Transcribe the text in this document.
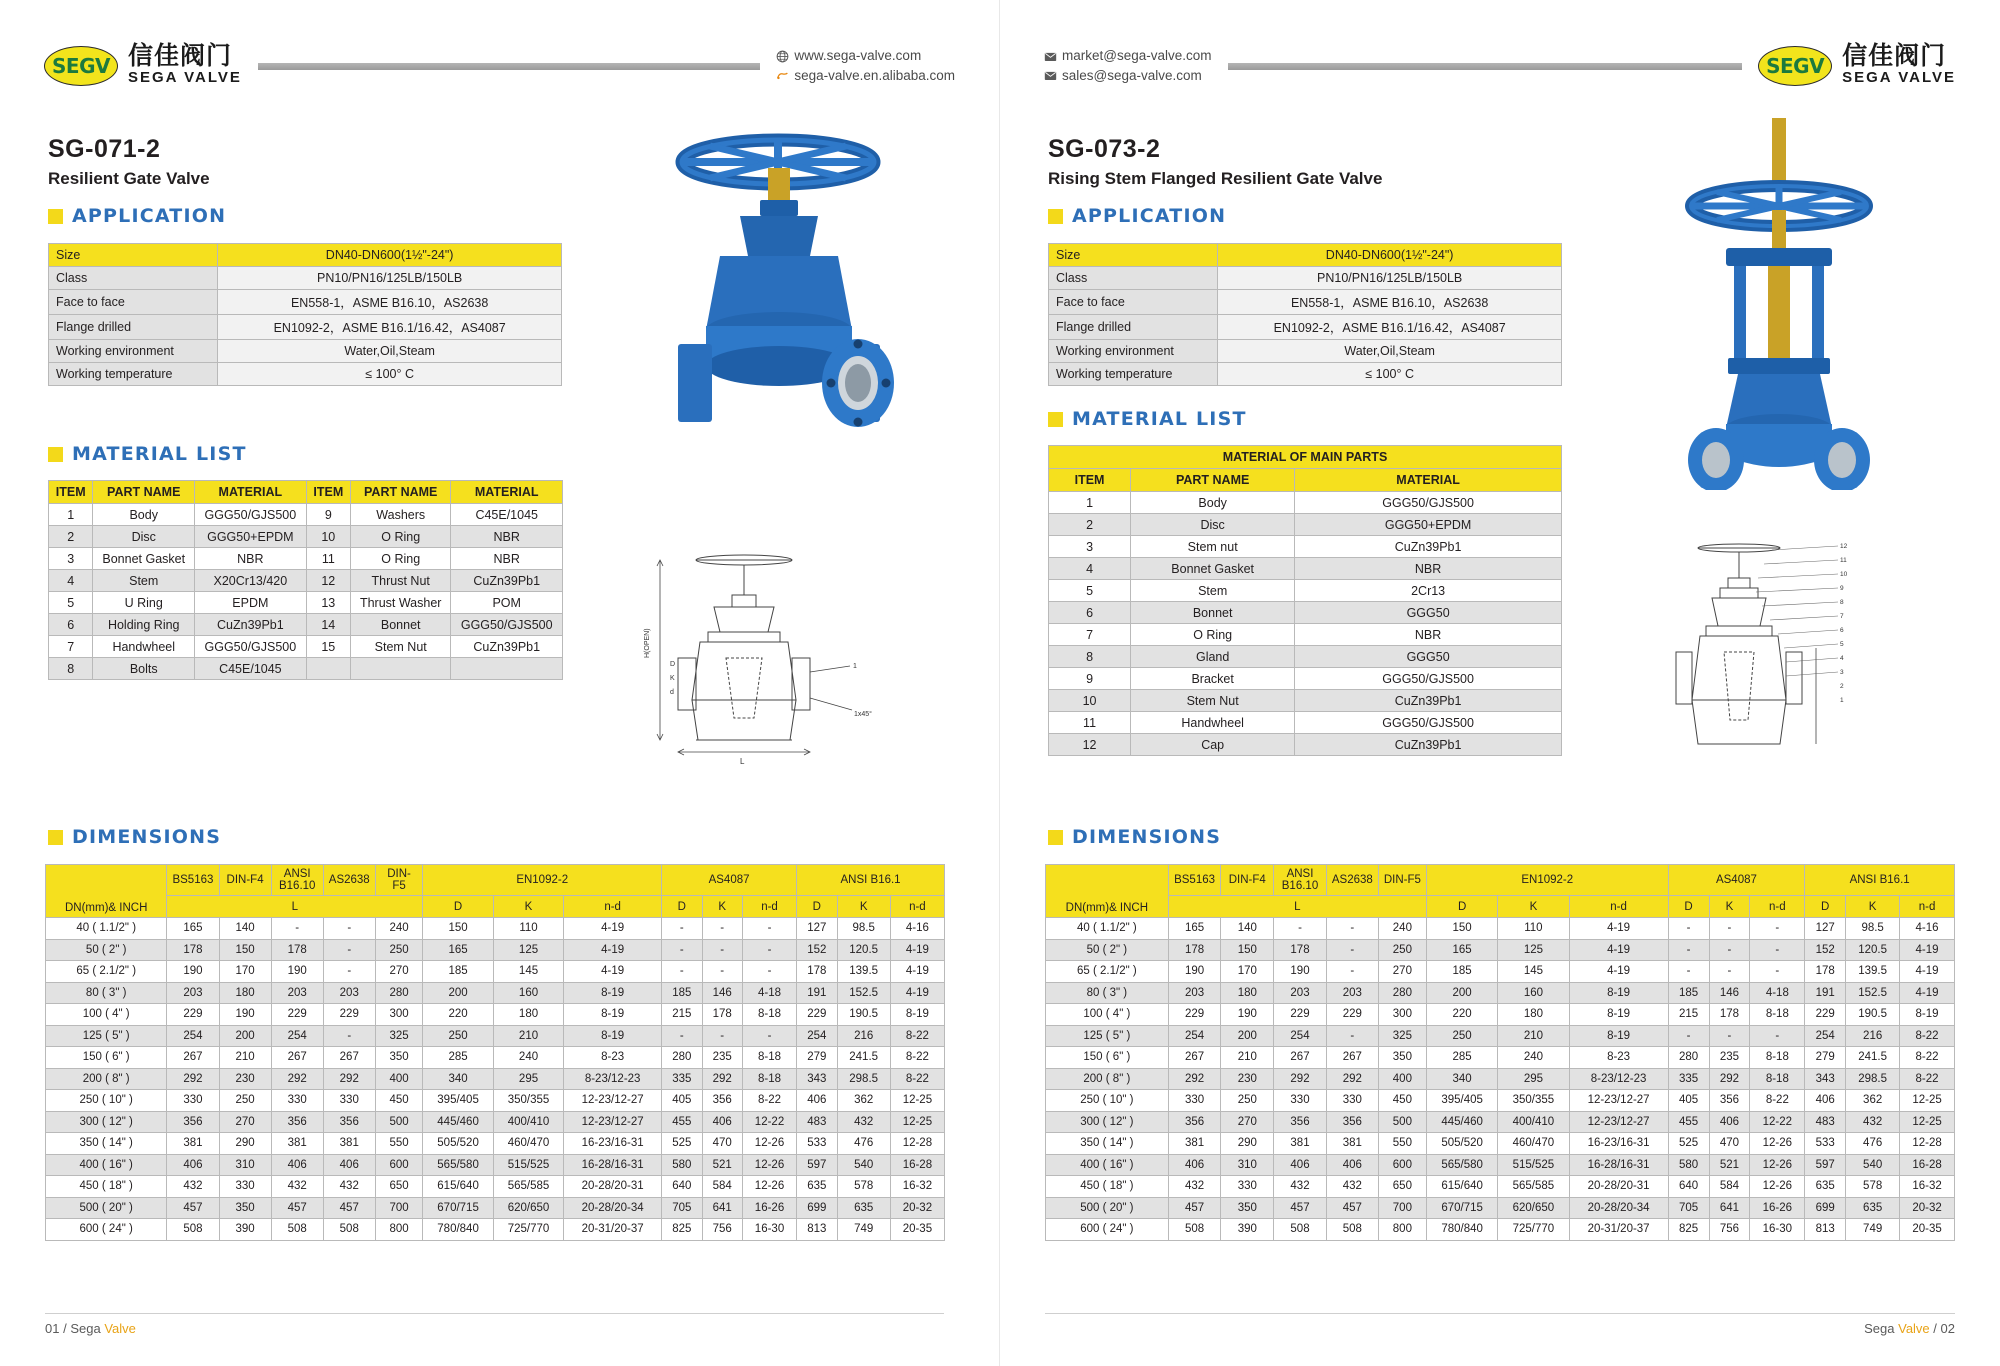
SEGV 信佳阀门
SEGA VALVE
www.sega-valve.com
sega-valve.en.alibaba.com
SG-071-2
Resilient Gate Valve
APPLICATION
Size	DN40-DN600(1½"-24")
Class	PN10/PN16/125LB/150LB
Face to face	EN558-1，ASME B16.10，AS2638
Flange drilled	EN1092-2，ASME B16.1/16.42，AS4087
Working environment	Water,Oil,Steam
Working temperature	≤ 100° C
MATERIAL LIST
ITEM	PART NAME	MATERIAL	ITEM	PART NAME	MATERIAL
1	Body	GGG50/GJS500	9	Washers	C45E/1045
2	Disc	GGG50+EPDM	10	O Ring	NBR
3	Bonnet Gasket	NBR	11	O Ring	NBR
4	Stem	X20Cr13/420	12	Thrust Nut	CuZn39Pb1
5	U Ring	EPDM	13	Thrust Washer	POM
6	Holding Ring	CuZn39Pb1	14	Bonnet	GGG50/GJS500
7	Handwheel	GGG50/GJS500	15	Stem Nut	CuZn39Pb1
8	Bolts	C45E/1045			
H(OPEN)
D
K
d
L
1
1x45°
DIMENSIONS
DN(mm)& INCH	BS5163	DIN-F4	ANSI B16.10	AS2638	DIN-F5	EN1092-2			AS4087			ANSI B16.1		
	L					D	K	n-d	D	K	n-d	D	K	n-d
40 ( 1.1/2" )	165	140	-	-	240	150	110	4-19	-	-	-	127	98.5	4-16
50 ( 2" )	178	150	178	-	250	165	125	4-19	-	-	-	152	120.5	4-19
65 ( 2.1/2" )	190	170	190	-	270	185	145	4-19	-	-	-	178	139.5	4-19
80 ( 3" )	203	180	203	203	280	200	160	8-19	185	146	4-18	191	152.5	4-19
100 ( 4" )	229	190	229	229	300	220	180	8-19	215	178	8-18	229	190.5	8-19
125 ( 5" )	254	200	254	-	325	250	210	8-19	-	-	-	254	216	8-22
150 ( 6" )	267	210	267	267	350	285	240	8-23	280	235	8-18	279	241.5	8-22
200 ( 8" )	292	230	292	292	400	340	295	8-23/12-23	335	292	8-18	343	298.5	8-22
250 ( 10" )	330	250	330	330	450	395/405	350/355	12-23/12-27	405	356	8-22	406	362	12-25
300 ( 12" )	356	270	356	356	500	445/460	400/410	12-23/12-27	455	406	12-22	483	432	12-25
350 ( 14" )	381	290	381	381	550	505/520	460/470	16-23/16-31	525	470	12-26	533	476	12-28
400 ( 16" )	406	310	406	406	600	565/580	515/525	16-28/16-31	580	521	12-26	597	540	16-28
450 ( 18" )	432	330	432	432	650	615/640	565/585	20-28/20-31	640	584	12-26	635	578	16-32
500 ( 20" )	457	350	457	457	700	670/715	620/650	20-28/20-34	705	641	16-26	699	635	20-32
600 ( 24" )	508	390	508	508	800	780/840	725/770	20-31/20-37	825	756	16-30	813	749	20-35
01 / Sega Valve
market@sega-valve.com
sales@sega-valve.com	SEGV 信佳阀门
SEGA VALVE
SG-073-2
Rising Stem Flanged Resilient Gate Valve
APPLICATION
Size	DN40-DN600(1½"-24")
Class	PN10/PN16/125LB/150LB
Face to face	EN558-1，ASME B16.10，AS2638
Flange drilled	EN1092-2，ASME B16.1/16.42，AS4087
Working environment	Water,Oil,Steam
Working temperature	≤ 100° C
MATERIAL LIST
MATERIAL OF MAIN PARTS		
ITEM	PART NAME	MATERIAL
1	Body	GGG50/GJS500
2	Disc	GGG50+EPDM
3	Stem nut	CuZn39Pb1
4	Bonnet Gasket	NBR
5	Stem	2Cr13
6	Bonnet	GGG50
7	O Ring	NBR
8	Gland	GGG50
9	Bracket	GGG50/GJS500
10	Stem Nut	CuZn39Pb1
11	Handwheel	GGG50/GJS500
12	Cap	CuZn39Pb1
12
11
10
9
8
7
6
5
4
3
2
1
DIMENSIONS
DN(mm)& INCH	BS5163	DIN-F4	ANSI B16.10	AS2638	DIN-F5	EN1092-2			AS4087			ANSI B16.1		
	L					D	K	n-d	D	K	n-d	D	K	n-d
40 ( 1.1/2" )	165	140	-	-	240	150	110	4-19	-	-	-	127	98.5	4-16
50 ( 2" )	178	150	178	-	250	165	125	4-19	-	-	-	152	120.5	4-19
65 ( 2.1/2" )	190	170	190	-	270	185	145	4-19	-	-	-	178	139.5	4-19
80 ( 3" )	203	180	203	203	280	200	160	8-19	185	146	4-18	191	152.5	4-19
100 ( 4" )	229	190	229	229	300	220	180	8-19	215	178	8-18	229	190.5	8-19
125 ( 5" )	254	200	254	-	325	250	210	8-19	-	-	-	254	216	8-22
150 ( 6" )	267	210	267	267	350	285	240	8-23	280	235	8-18	279	241.5	8-22
200 ( 8" )	292	230	292	292	400	340	295	8-23/12-23	335	292	8-18	343	298.5	8-22
250 ( 10" )	330	250	330	330	450	395/405	350/355	12-23/12-27	405	356	8-22	406	362	12-25
300 ( 12" )	356	270	356	356	500	445/460	400/410	12-23/12-27	455	406	12-22	483	432	12-25
350 ( 14" )	381	290	381	381	550	505/520	460/470	16-23/16-31	525	470	12-26	533	476	12-28
400 ( 16" )	406	310	406	406	600	565/580	515/525	16-28/16-31	580	521	12-26	597	540	16-28
450 ( 18" )	432	330	432	432	650	615/640	565/585	20-28/20-31	640	584	12-26	635	578	16-32
500 ( 20" )	457	350	457	457	700	670/715	620/650	20-28/20-34	705	641	16-26	699	635	20-32
600 ( 24" )	508	390	508	508	800	780/840	725/770	20-31/20-37	825	756	16-30	813	749	20-35
Sega Valve / 02
